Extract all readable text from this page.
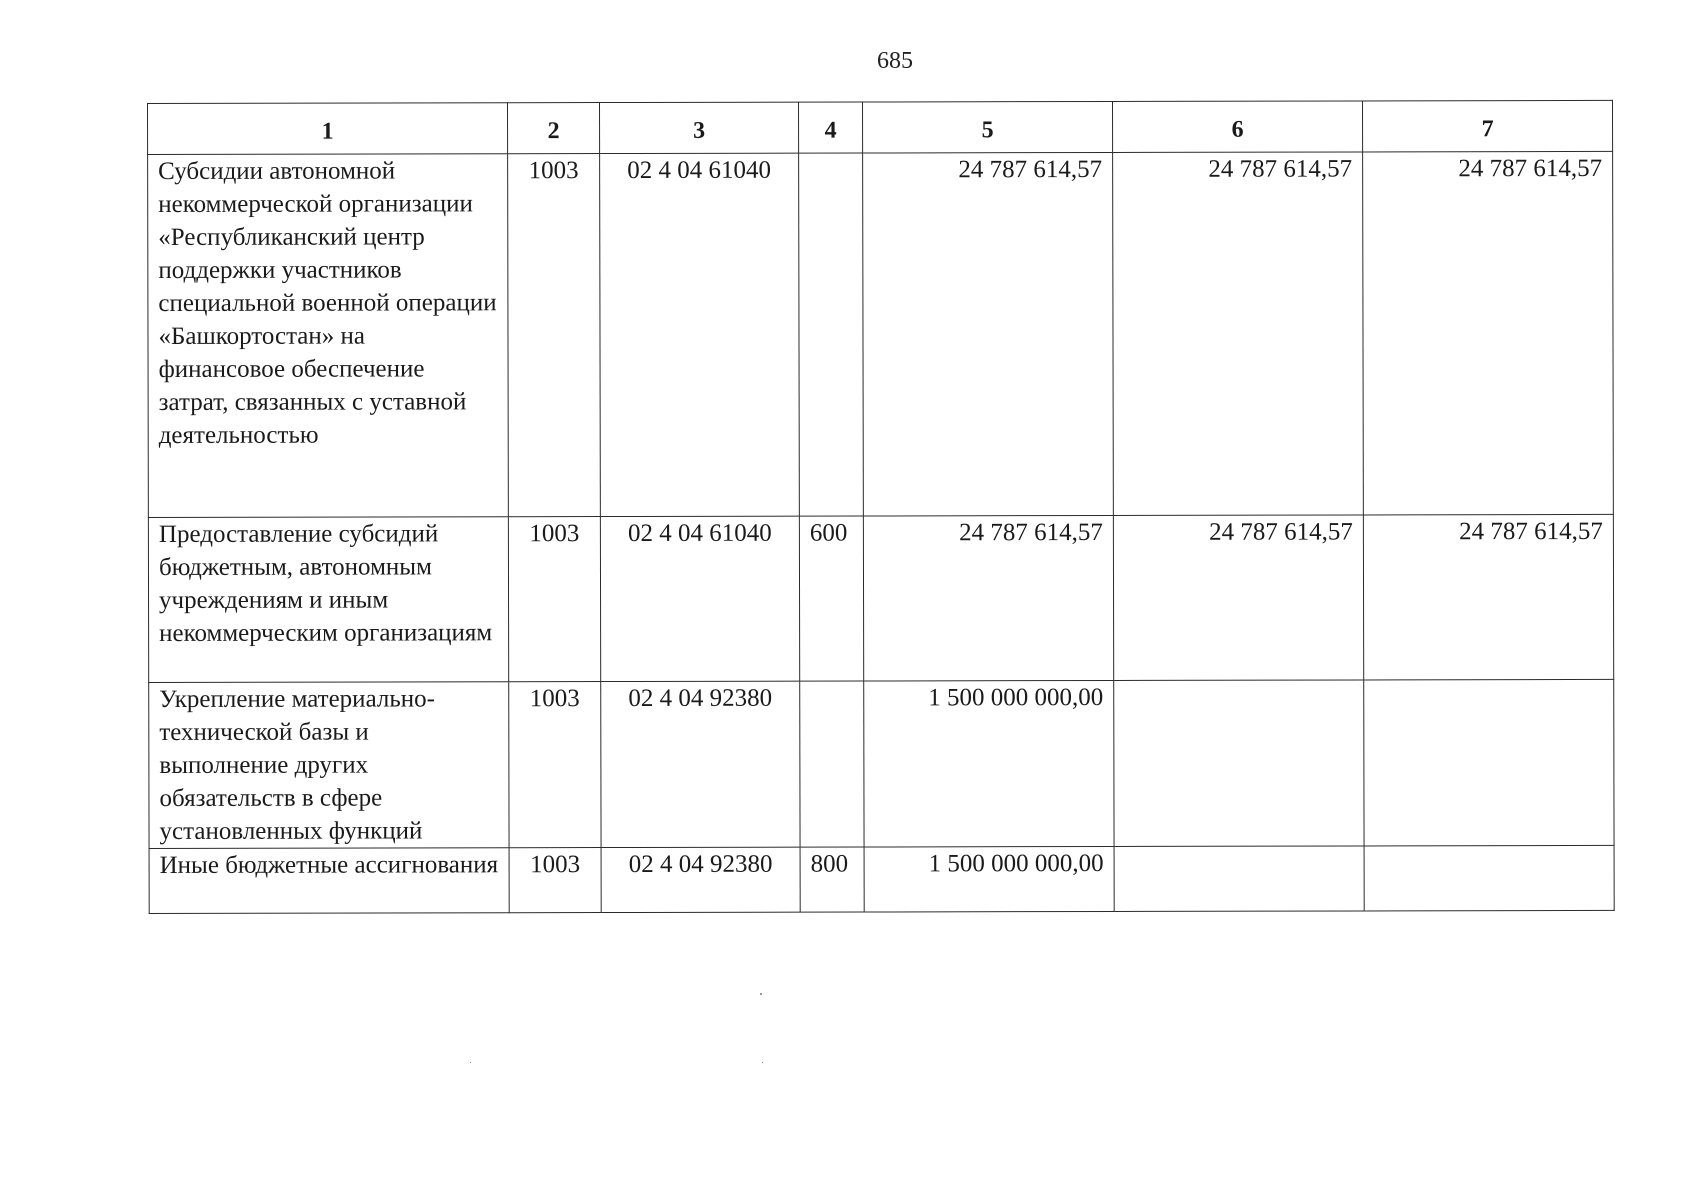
685
1	2	3	4	5	6	7
Субсидии автономной некоммерческой организации «Республиканский центр поддержки участников специальной военной операции «Башкортостан» на финансовое обеспечение затрат, связанных с уставной деятельностью	1003	02 4 04 61040		24 787 614,57	24 787 614,57	24 787 614,57
Предоставление субсидий бюджетным, автономным учреждениям и иным некоммерческим организациям	1003	02 4 04 61040	600	24 787 614,57	24 787 614,57	24 787 614,57
Укрепление материально-технической базы и выполнение других обязательств в сфере установленных функций	1003	02 4 04 92380		1 500 000 000,00		
Иные бюджетные ассигнования	1003	02 4 04 92380	800	1 500 000 000,00		
